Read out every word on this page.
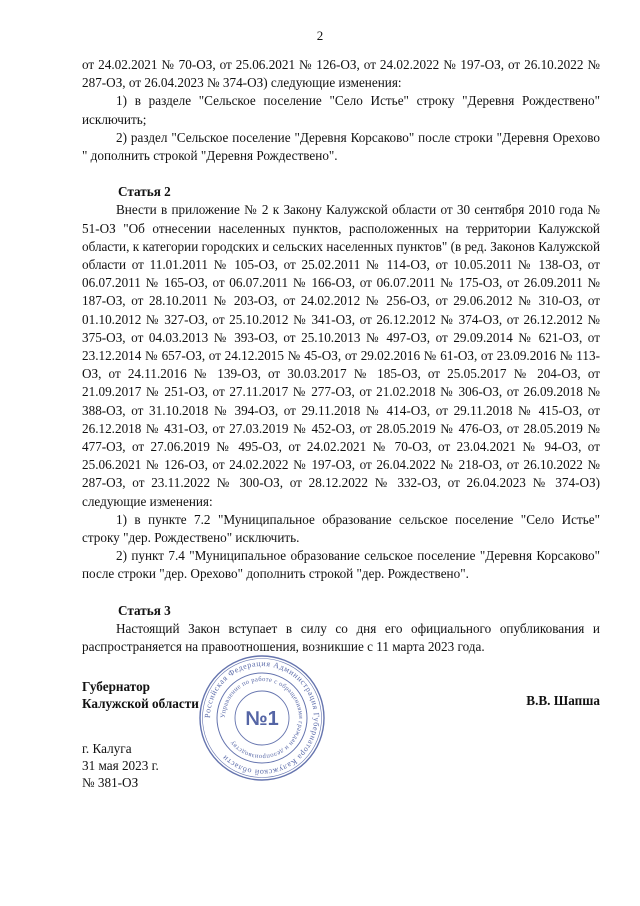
2

от 24.02.2021 № 70-ОЗ, от 25.06.2021 № 126-ОЗ, от 24.02.2022 № 197-ОЗ, от 26.10.2022 № 287-ОЗ, от 26.04.2023 № 374-ОЗ) следующие изменения:

1) в разделе "Сельское поселение "Село Истье" строку "Деревня Рождествено" исключить;

2) раздел "Сельское поселение "Деревня Корсаково" после строки "Деревня Орехово " дополнить строкой "Деревня Рождествено".

Статья 2

Внести в приложение № 2 к Закону Калужской области от 30 сентября 2010 года № 51-ОЗ "Об отнесении населенных пунктов, расположенных на территории Калужской области, к категории городских и сельских населенных пунктов" (в ред. Законов Калужской области от 11.01.2011 № 105-ОЗ, от 25.02.2011 № 114-ОЗ, от 10.05.2011 № 138-ОЗ, от 06.07.2011 № 165-ОЗ, от 06.07.2011 № 166-ОЗ, от 06.07.2011 № 175-ОЗ, от 26.09.2011 № 187-ОЗ, от 28.10.2011 № 203-ОЗ, от 24.02.2012 № 256-ОЗ, от 29.06.2012 № 310-ОЗ, от 01.10.2012 № 327-ОЗ, от 25.10.2012 № 341-ОЗ, от 26.12.2012 № 374-ОЗ, от 26.12.2012 № 375-ОЗ, от 04.03.2013 № 393-ОЗ, от 25.10.2013 № 497-ОЗ, от 29.09.2014 № 621-ОЗ, от 23.12.2014 № 657-ОЗ, от 24.12.2015 № 45-ОЗ, от 29.02.2016 № 61-ОЗ, от 23.09.2016 № 113-ОЗ, от 24.11.2016 № 139-ОЗ, от 30.03.2017 № 185-ОЗ, от 25.05.2017 № 204-ОЗ, от 21.09.2017 № 251-ОЗ, от 27.11.2017 № 277-ОЗ, от 21.02.2018 № 306-ОЗ, от 26.09.2018 № 388-ОЗ, от 31.10.2018 № 394-ОЗ, от 29.11.2018 № 414-ОЗ, от 29.11.2018 № 415-ОЗ, от 26.12.2018 № 431-ОЗ, от 27.03.2019 № 452-ОЗ, от 28.05.2019 № 476-ОЗ, от 28.05.2019 № 477-ОЗ, от 27.06.2019 № 495-ОЗ, от 24.02.2021 № 70-ОЗ, от 23.04.2021 № 94-ОЗ, от 25.06.2021 № 126-ОЗ, от 24.02.2022 № 197-ОЗ, от 26.04.2022 № 218-ОЗ, от 26.10.2022 № 287-ОЗ, от 23.11.2022 № 300-ОЗ, от 28.12.2022 № 332-ОЗ, от 26.04.2023 № 374-ОЗ) следующие изменения:

1) в пункте 7.2 "Муниципальное образование сельское поселение "Село Истье" строку "дер. Рождествено" исключить.

2) пункт 7.4 "Муниципальное образование сельское поселение "Деревня Корсаково" после строки "дер. Орехово" дополнить строкой "дер. Рождествено".

Статья 3

Настоящий Закон вступает в силу со дня его официального опубликования и распространяется на правоотношения, возникшие с 11 марта 2023 года.

Губернатор
Калужской области	В.В. Шапша
Российская Федерация Администрация Губернатора Калужской области
Управление по работе с обращениями граждан и делопроизводству
№1
г. Калуга
31 мая 2023 г.
№ 381-ОЗ
